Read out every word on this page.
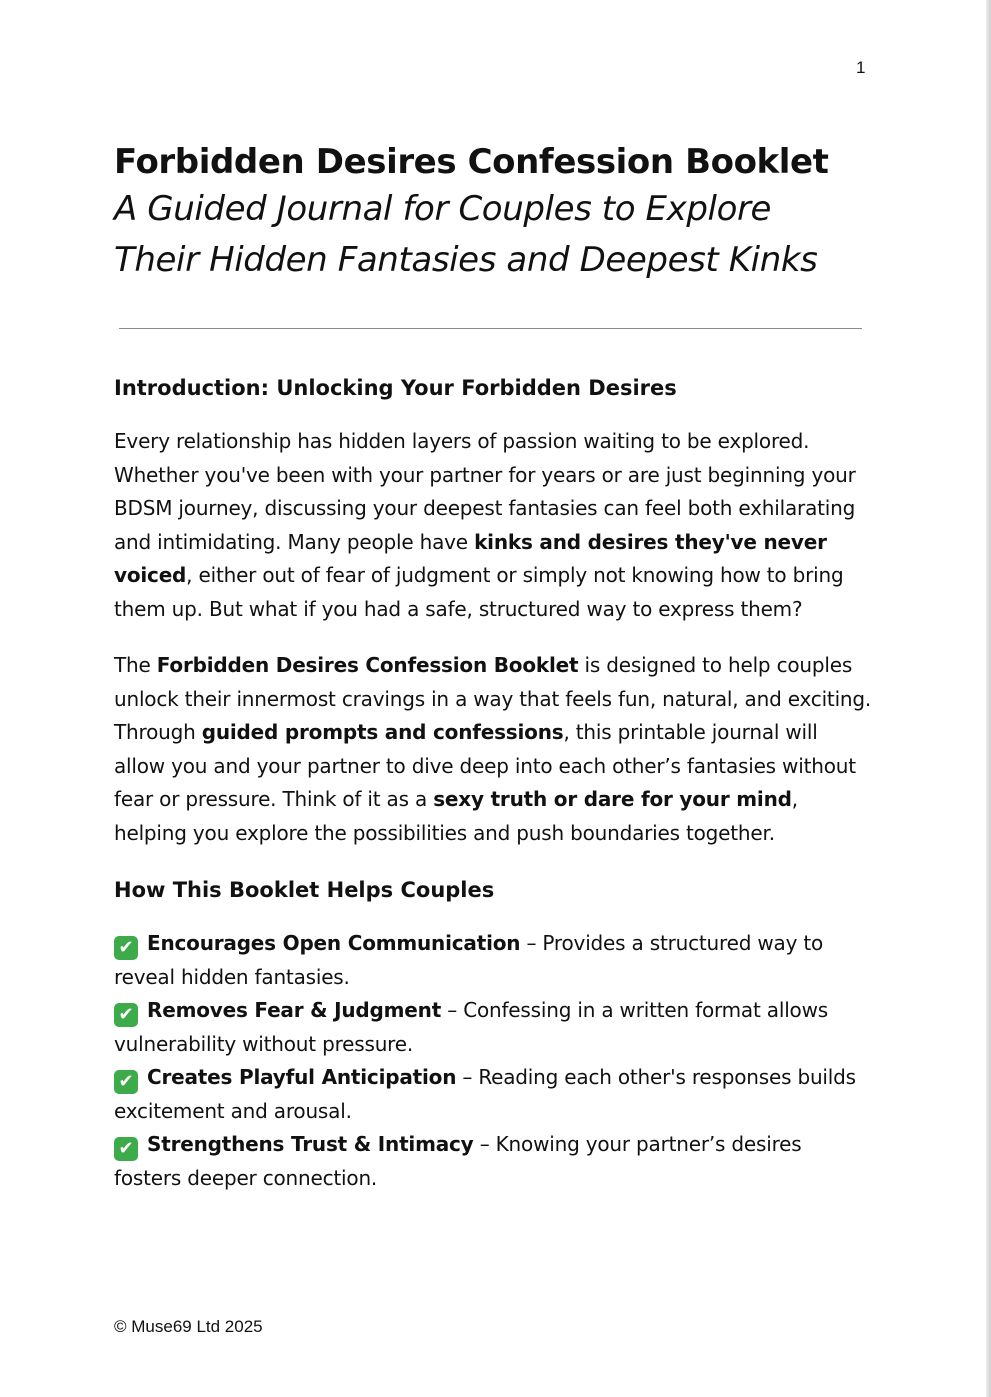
1
Forbidden Desires Confession Booklet
A Guided Journal for Couples to Explore
Their Hidden Fantasies and Deepest Kinks
Introduction: Unlocking Your Forbidden Desires

Every relationship has hidden layers of passion waiting to be explored. Whether you've been with your partner for years or are just beginning your BDSM journey, discussing your deepest fantasies can feel both exhilarating and intimidating. Many people have kinks and desires they've never voiced, either out of fear of judgment or simply not knowing how to bring them up. But what if you had a safe, structured way to express them?

The Forbidden Desires Confession Booklet is designed to help couples unlock their innermost cravings in a way that feels fun, natural, and exciting. Through guided prompts and confessions, this printable journal will allow you and your partner to dive deep into each other’s fantasies without fear or pressure. Think of it as a sexy truth or dare for your mind, helping you explore the possibilities and push boundaries together.

How This Booklet Helps Couples
✔ Encourages Open Communication – Provides a structured way to reveal hidden fantasies.
✔ Removes Fear & Judgment – Confessing in a written format allows vulnerability without pressure.
✔ Creates Playful Anticipation – Reading each other's responses builds excitement and arousal.
✔ Strengthens Trust & Intimacy – Knowing your partner’s desires fosters deeper connection.
© Muse69 Ltd 2025
